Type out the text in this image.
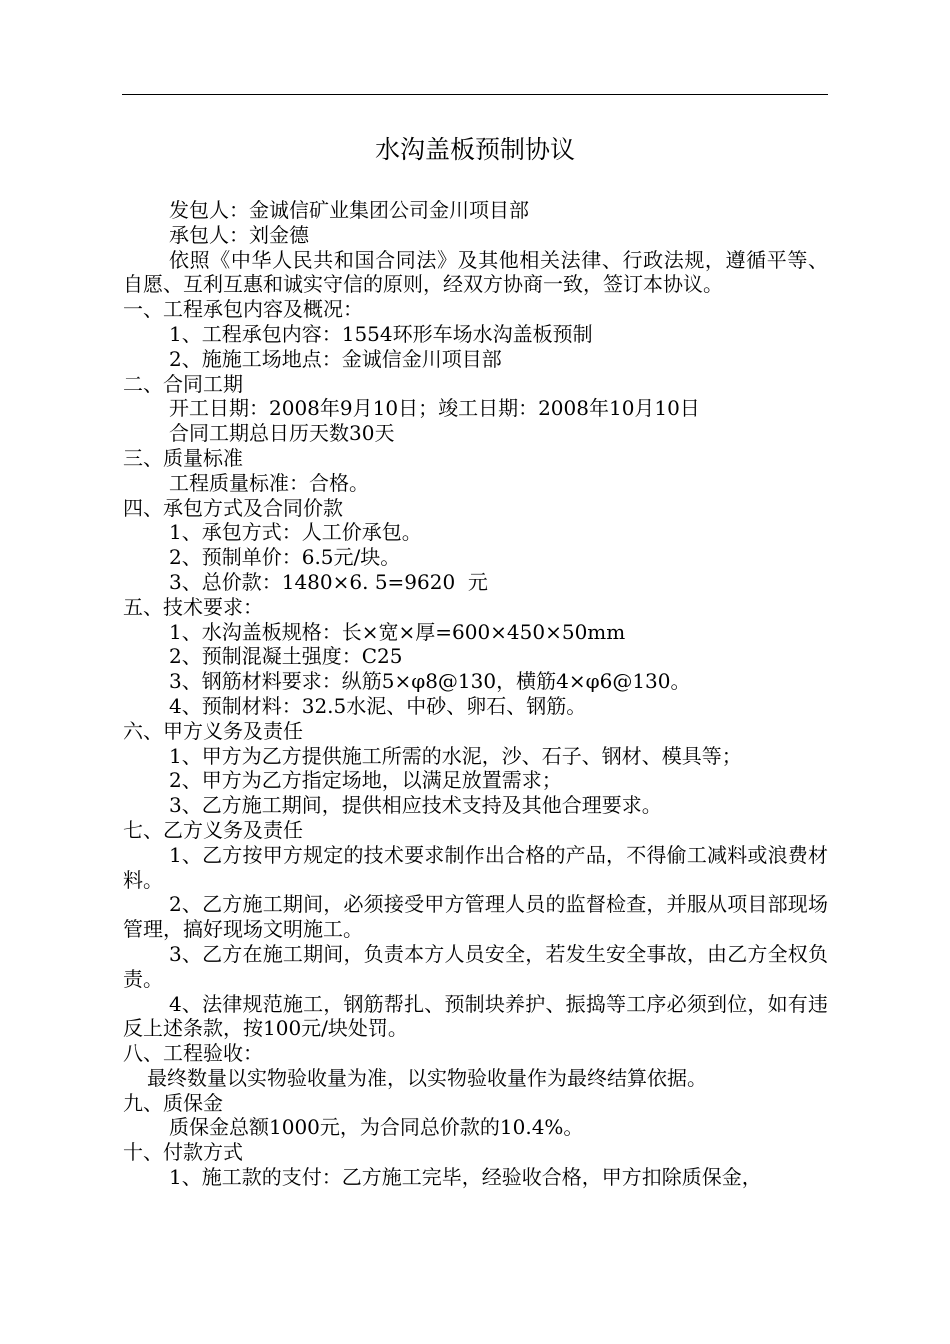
水沟盖板预制协议
发包人：金诚信矿业集团公司金川项目部
承包人：刘金德
依照《中华人民共和国合同法》及其他相关法律、行政法规，遵循平等、自愿、互利互惠和诚实守信的原则，经双方协商一致，签订本协议。
一、工程承包内容及概况：
1、工程承包内容：1554环形车场水沟盖板预制
2、施施工场地点：金诚信金川项目部
二、合同工期
开工日期：2008年9月10日；竣工日期：2008年10月10日
合同工期总日历天数30天
三、质量标准
工程质量标准：合格。
四、承包方式及合同价款
1、承包方式：人工价承包。
2、预制单价：6.5元/块。
3、总价款：1480×6. 5=9620  元
五、技术要求：
1、水沟盖板规格：长×宽×厚=600×450×50mm
2、预制混凝土强度：C25
3、钢筋材料要求：纵筋5×φ8@130，横筋4×φ6@130。
4、预制材料：32.5水泥、中砂、卵石、钢筋。
六、甲方义务及责任
1、甲方为乙方提供施工所需的水泥，沙、石子、钢材、模具等；
2、甲方为乙方指定场地，以满足放置需求；
3、乙方施工期间，提供相应技术支持及其他合理要求。
七、乙方义务及责任
1、乙方按甲方规定的技术要求制作出合格的产品，不得偷工减料或浪费材料。
2、乙方施工期间，必须接受甲方管理人员的监督检查，并服从项目部现场管理，搞好现场文明施工。
3、乙方在施工期间，负责本方人员安全，若发生安全事故，由乙方全权负责。
4、法律规范施工，钢筋帮扎、预制块养护、振捣等工序必须到位，如有违反上述条款，按100元/块处罚。
八、工程验收：
最终数量以实物验收量为准，以实物验收量作为最终结算依据。
九、质保金
质保金总额1000元，为合同总价款的10.4%。
十、付款方式
1、施工款的支付：乙方施工完毕，经验收合格，甲方扣除质保金，
